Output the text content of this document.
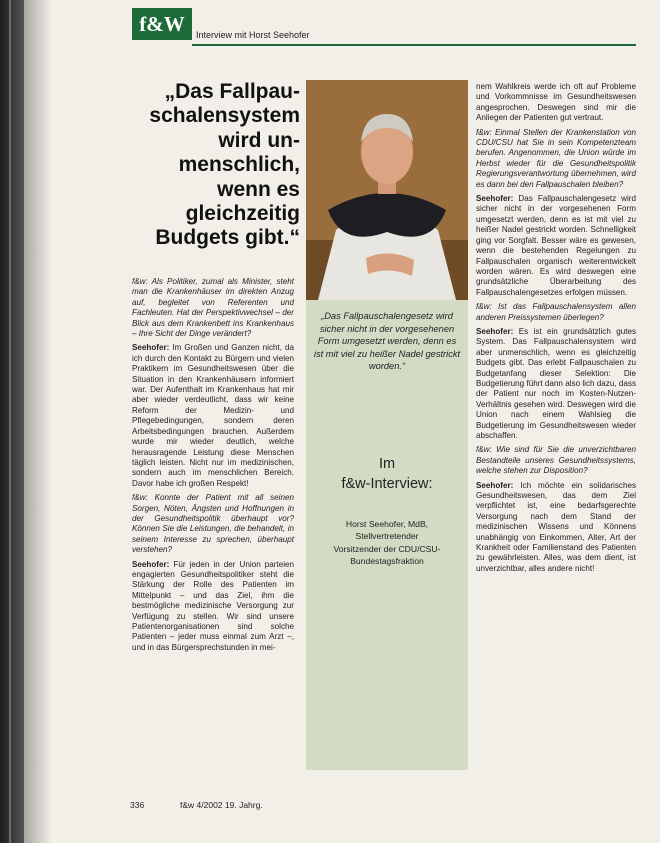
f&W	Interview mit Horst Seehofer
„Das Fallpau-
schalensystem
wird un-
menschlich,
wenn es
gleichzeitig
Budgets gibt.“

f&w: Als Politiker, zumal als Minister, steht man die Krankenhäuser im direkten Anzug auf, begleitet von Referenten und Fachleuten. Hat der Perspektivwechsel – der Blick aus dem Krankenbett ins Krankenhaus – Ihre Sicht der Dinge verändert?

Seehofer: Im Großen und Ganzen nicht, da ich durch den Kontakt zu Bürgern und vielen Praktikern im Gesundheitswesen über die Situation in den Krankenhäusern informiert war. Der Aufenthalt im Krankenhaus hat mir aber wieder verdeutlicht, dass wir keine Reform der Medizin- und Pflegebedingungen, sondern deren Arbeitsbedingungen brauchen. Außerdem wurde mir wieder deutlich, welche herausragende Leistung diese Menschen täglich leisten. Nicht nur im medizinischen, sondern auch im menschlichen Bereich. Davor habe ich großen Respekt!

f&w: Konnte der Patient mit all seinen Sorgen, Nöten, Ängsten und Hoffnungen in der Gesundheitspolitik überhaupt vor? Können Sie die Leistungen, die behandelt, in seinem Interesse zu sprechen, überhaupt verstehen?

Seehofer: Für jeden in der Union parteien engagierten Gesundheitspolitiker steht die Stärkung der Rolle des Patienten im Mittelpunkt – und das Ziel, ihm die bestmögliche medizinische Versorgung zur Verfügung zu stellen. Wir sind unsere Patientenorganisationen sind solche Patienten – jeder muss einmal zum Arzt –, und in das Bürgersprechstunden in mei-

„Das Fallpauschalengesetz wird sicher nicht in der vorgesehenen Form umgesetzt werden, denn es ist mit viel zu heißer Nadel gestrickt worden.“

Im
f&w-Interview:
Horst Seehofer, MdB,
Stellvertretender
Vorsitzender der CDU/CSU-
Bundestagsfraktion

nem Wahlkreis werde ich oft auf Probleme und Vorkommnisse im Gesundheitswesen angesprochen. Deswegen sind mir die Anliegen der Patienten gut vertraut.

f&w: Einmal Stellen der Krankenstation von CDU/CSU hat Sie in sein Kompetenzteam berufen. Angenommen, die Union würde im Herbst wieder für die Gesundheitspolitik Regierungsverantwortung übernehmen, wird es dann bei den Fallpauschalen bleiben?

Seehofer: Das Fallpauschalengesetz wird sicher nicht in der vorgesehenen Form umgesetzt werden, denn es ist mit viel zu heißer Nadel gestrickt worden. Schnelligkeit ging vor Sorgfalt. Besser wäre es gewesen, wenn die bestehenden Regelungen zu Fallpauschalen organisch weiterentwickelt worden wären. Es wird deswegen eine grundsätzliche Überarbeitung des Fallpauschalengesetzes erfolgen müssen.

f&w: Ist das Fallpauschalensystem allen anderen Preissystemen überlegen?

Seehofer: Es ist ein grundsätzlich gutes System. Das Fallpauschalensystem wird aber unmenschlich, wenn es gleichzeitig Budgets gibt. Das erlebt Fallpauschalen zu Budgetanfang dieser Selektion: Die Budgetierung führt dann also lich dazu, dass der Patient nur noch im Kosten-Nutzen-Verhältnis gesehen wird. Deswegen wird die Union nach einem Wahlsieg die Budgetierung im Gesundheitswesen wieder abschaffen.

f&w: Wie sind für Sie die unverzichtbaren Bestandteile unseres Gesundheitssystems, welche stehen zur Disposition?

Seehofer: Ich möchte ein solidarisches Gesundheitswesen, das dem Ziel verpflichtet ist, eine bedarfsgerechte Versorgung nach dem Stand der medizinischen Wissens und Könnens unabhängig von Einkommen, Alter, Art der Krankheit oder Familienstand des Patienten zu gewährleisten. Alles, was dem dient, ist unverzichtbar, alles andere nicht!

336	f&w 4/2002 19. Jahrg.
